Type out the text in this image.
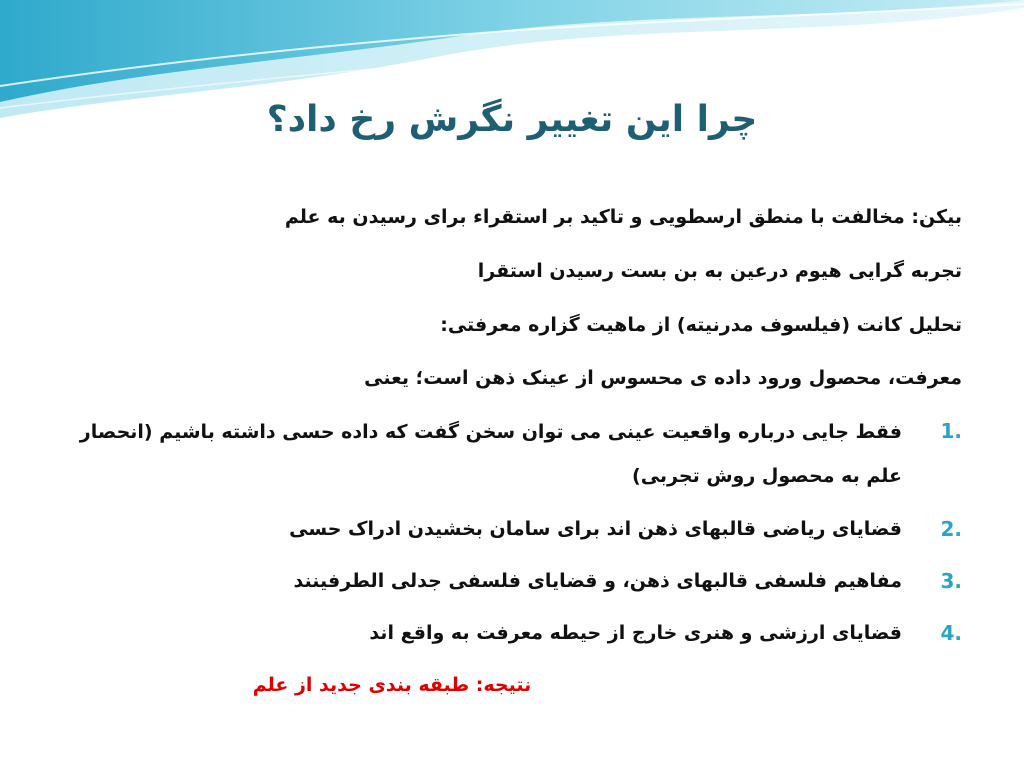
چرا این تغییر نگرش رخ داد؟
بیکن: مخالفت با منطق ارسطویی و تاکید بر استقراء برای رسیدن به علم
تجربه گرایی هیوم درعین به بن بست رسیدن استقرا
تحلیل کانت (فیلسوف مدرنیته) از ماهیت گزاره معرفتی:
معرفت، محصول ورود داده ی محسوس از عینک ذهن است؛ یعنی
1.
فقط جایی درباره واقعیت عینی می توان سخن گفت که داده حسی داشته باشیم (انحصار علم به محصول روش تجربی)
2.
قضایای ریاضی قالبهای ذهن اند برای سامان بخشیدن ادراک حسی
3.
مفاهیم فلسفی قالبهای ذهن، و قضایای فلسفی جدلی الطرفینند
4.
قضایای ارزشی و هنری خارج از حیطه معرفت به واقع اند
نتیجه: طبقه بندی جدید از علم
